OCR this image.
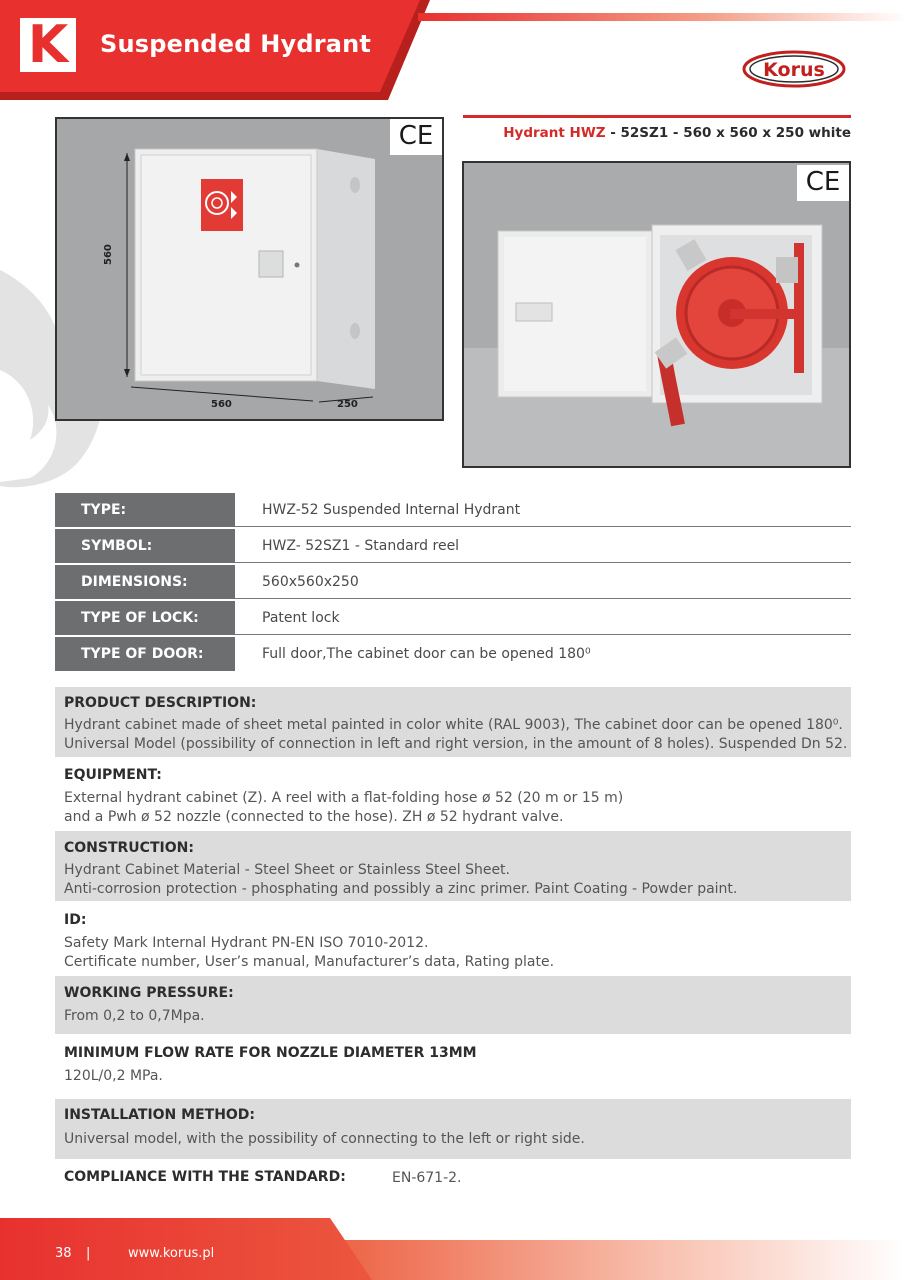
K	Suspended Hydrant
Korus
Hydrant HWZ - 52SZ1 - 560 x 560 x 250 white
560
560	250
CE
CE
TYPE:	HWZ-52 Suspended Internal Hydrant
SYMBOL:	HWZ- 52SZ1 - Standard reel
DIMENSIONS:	560x560x250
TYPE OF LOCK:	Patent lock
TYPE OF DOOR:	Full door,The cabinet door can be opened 180⁰
PRODUCT DESCRIPTION:
Hydrant cabinet made of sheet metal painted in color white (RAL 9003), The cabinet door can be opened 180⁰.
Universal Model (possibility of connection in left and right version, in the amount of 8 holes). Suspended Dn 52.
EQUIPMENT:
External hydrant cabinet (Z). A reel with a flat-folding hose ø 52 (20 m or 15 m)
and a Pwh ø 52 nozzle (connected to the hose). ZH ø 52 hydrant valve.
CONSTRUCTION:
Hydrant Cabinet Material - Steel Sheet or Stainless Steel Sheet.
Anti-corrosion protection - phosphating and possibly a zinc primer. Paint Coating - Powder paint.
ID:
Safety Mark Internal Hydrant PN-EN ISO 7010-2012.
Certificate number, User’s manual, Manufacturer’s data, Rating plate.
WORKING PRESSURE:
From 0,2 to 0,7Mpa.
MINIMUM FLOW RATE FOR NOZZLE DIAMETER 13MM
120L/0,2 MPa.
INSTALLATION METHOD:
Universal model, with the possibility of connecting to the left or right side.
COMPLIANCE WITH THE STANDARD:	EN-671-2.
38 |	www.korus.pl
